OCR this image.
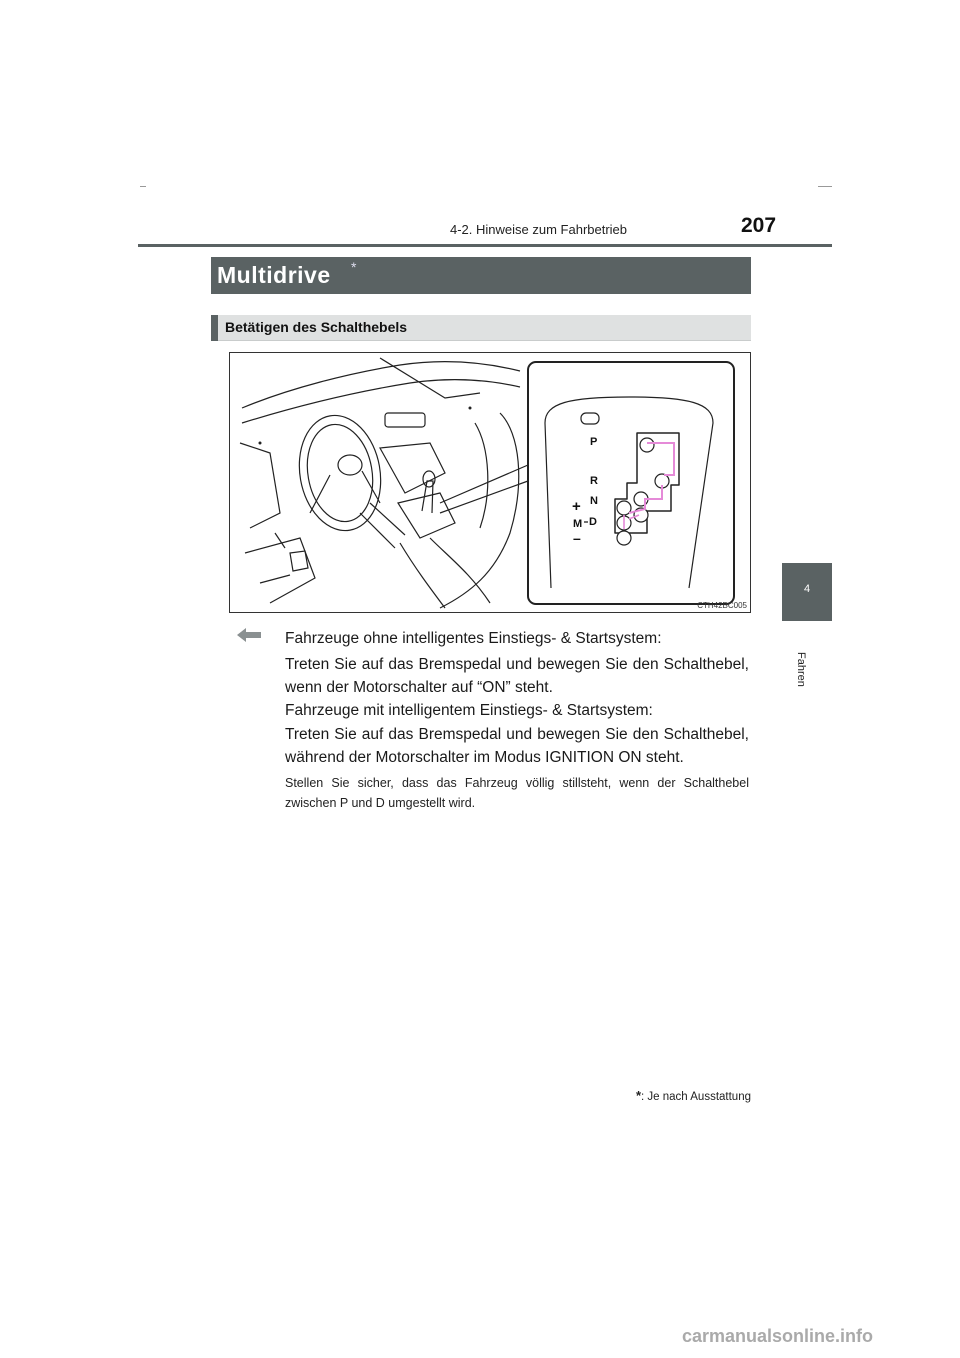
4-2. Hinweise zum Fahrbetrieb	207
4
Fahren
Multidrive *
Betätigen des Schalthebels
P
R
N
D
M
+
–
CTH42BC005

Fahrzeuge ohne intelligentes Einstiegs- & Startsystem:

Treten Sie auf das Bremspedal und bewegen Sie den Schalthebel, wenn der Motorschalter auf “ON” steht.

Fahrzeuge mit intelligentem Einstiegs- & Startsystem:

Treten Sie auf das Bremspedal und bewegen Sie den Schalthebel, während der Motorschalter im Modus IGNITION ON steht.

Stellen Sie sicher, dass das Fahrzeug völlig stillsteht, wenn der Schalthebel zwischen P und D umgestellt wird.

*: Je nach Ausstattung
carmanualsonline.info
